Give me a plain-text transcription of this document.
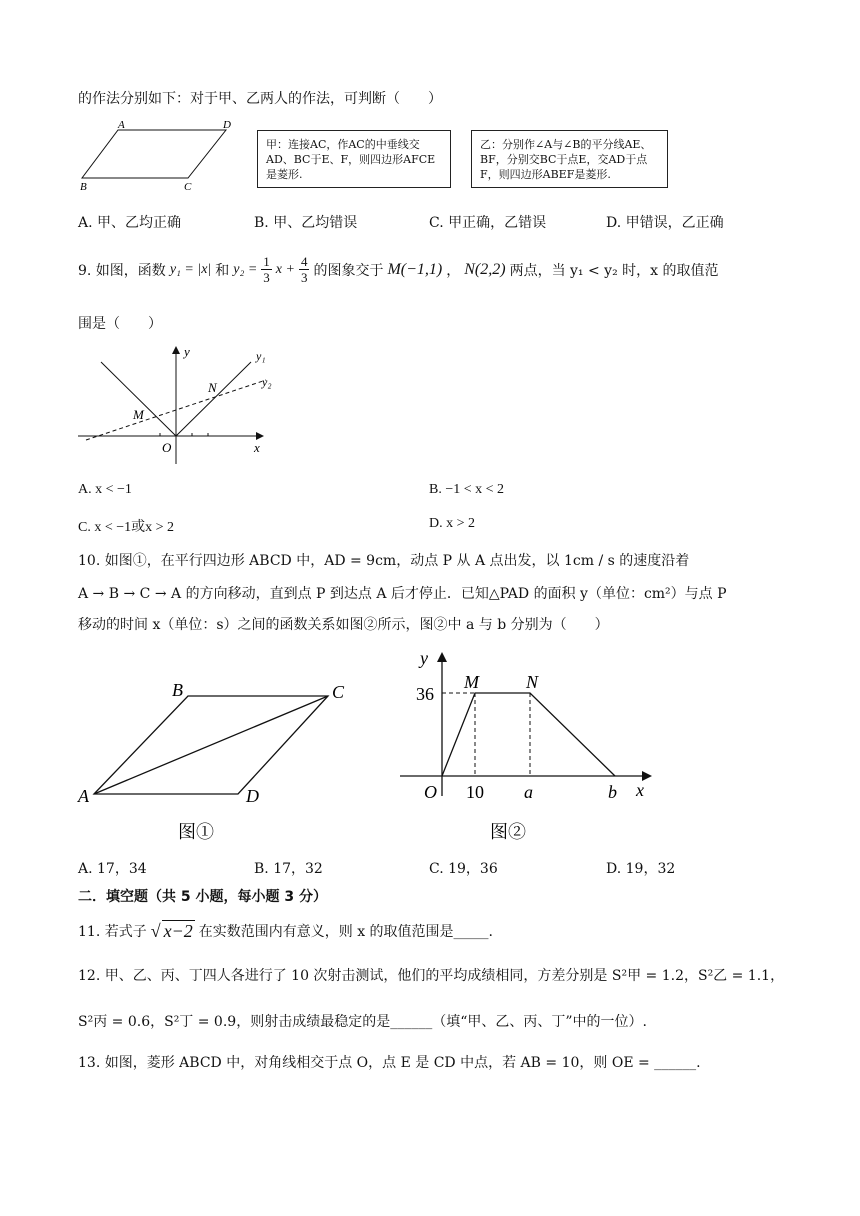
的作法分别如下：对于甲、乙两人的作法，可判断（　　）
A	D
B	C
甲：连接AC，作AC的中垂线交AD、BC于E、F，则四边形AFCE是菱形.
乙：分别作∠A与∠B的平分线AE、BF，分别交BC于点E，交AD于点F，则四边形ABEF是菱形.
A. 甲、乙均正确	B. 甲、乙均错误	C. 甲正确，乙错误	D. 甲错误，乙正确
9. 如图，函数 y₁ = |x| 和 $y_2 = \frac{1}{3}$ $x + \frac{4}{3}$ 的图象交于 M(−1,1) ， N(2,2) 两点，当 y₁ < y₂ 时，x 的取值范
围是（　　）
y
x
O
M
N
y₁
y₂
A. x < −1	B. −1 < x < 2
C. x < −1或x > 2	D. x > 2
10. 如图①，在平行四边形 ABCD 中，AD = 9cm，动点 P 从 A 点出发，以 1cm / s 的速度沿着
A → B → C → A 的方向移动，直到点 P 到达点 A 后才停止．已知△PAD 的面积 y（单位：cm²）与点 P
移动的时间 x（单位：s）之间的函数关系如图②所示，图②中 a 与 b 分别为（　　）
A
B	C
D
图①
y
x
O
M	N
36
10 a	b
图②
A. 17，34	B. 17，32	C. 19，36	D. 19，32
二．填空题（共 5 小题，每小题 3 分）
11. 若式子 √ x−2 在实数范围内有意义，则 x 的取值范围是_____.
12. 甲、乙、丙、丁四人各进行了 10 次射击测试，他们的平均成绩相同，方差分别是 S²甲 = 1.2，S²乙 = 1.1，
S²丙 = 0.6，S²丁 = 0.9，则射击成绩最稳定的是______（填“甲、乙、丙、丁”中的一位）.
13. 如图，菱形 ABCD 中，对角线相交于点 O，点 E 是 CD 中点，若 AB = 10，则 OE = ______.
